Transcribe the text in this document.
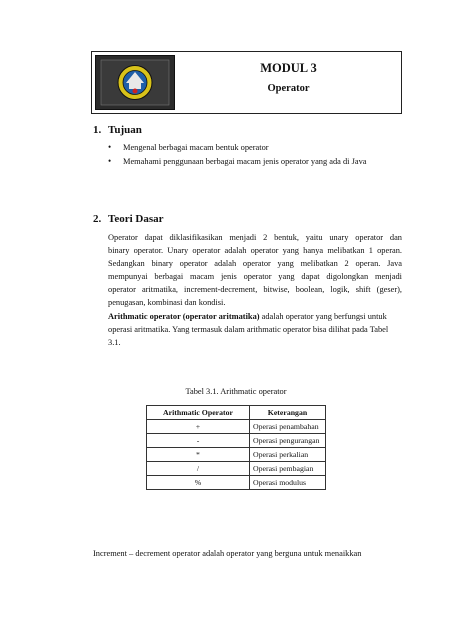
MODUL 3
Operator
1. Tujuan
• Mengenal berbagai macam bentuk operator
• Memahami penggunaan berbagai macam jenis operator yang ada di Java
2. Teori Dasar
Operator dapat diklasifikasikan menjadi 2 bentuk, yaitu unary operator dan
binary operator. Unary operator adalah operator yang hanya melibatkan 1 operan.
Sedangkan binary operator adalah operator yang melibatkan 2 operan. Java
mempunyai berbagai macam jenis operator yang dapat digolongkan menjadi
operator aritmatika, increment-decrement, bitwise, boolean, logik, shift (geser),
penugasan, kombinasi dan kondisi.
Arithmatic operator (operator aritmatika) adalah operator yang berfungsi untuk
operasi aritmatika. Yang termasuk dalam arithmatic operator bisa dilihat pada Tabel
3.1.
Tabel 3.1. Arithmatic operator
Arithmatic Operator	Keterangan
+	Operasi penambahan
-	Operasi pengurangan
*	Operasi perkalian
/	Operasi pembagian
%	Operasi modulus
Increment – decrement operator adalah operator yang berguna untuk menaikkan
